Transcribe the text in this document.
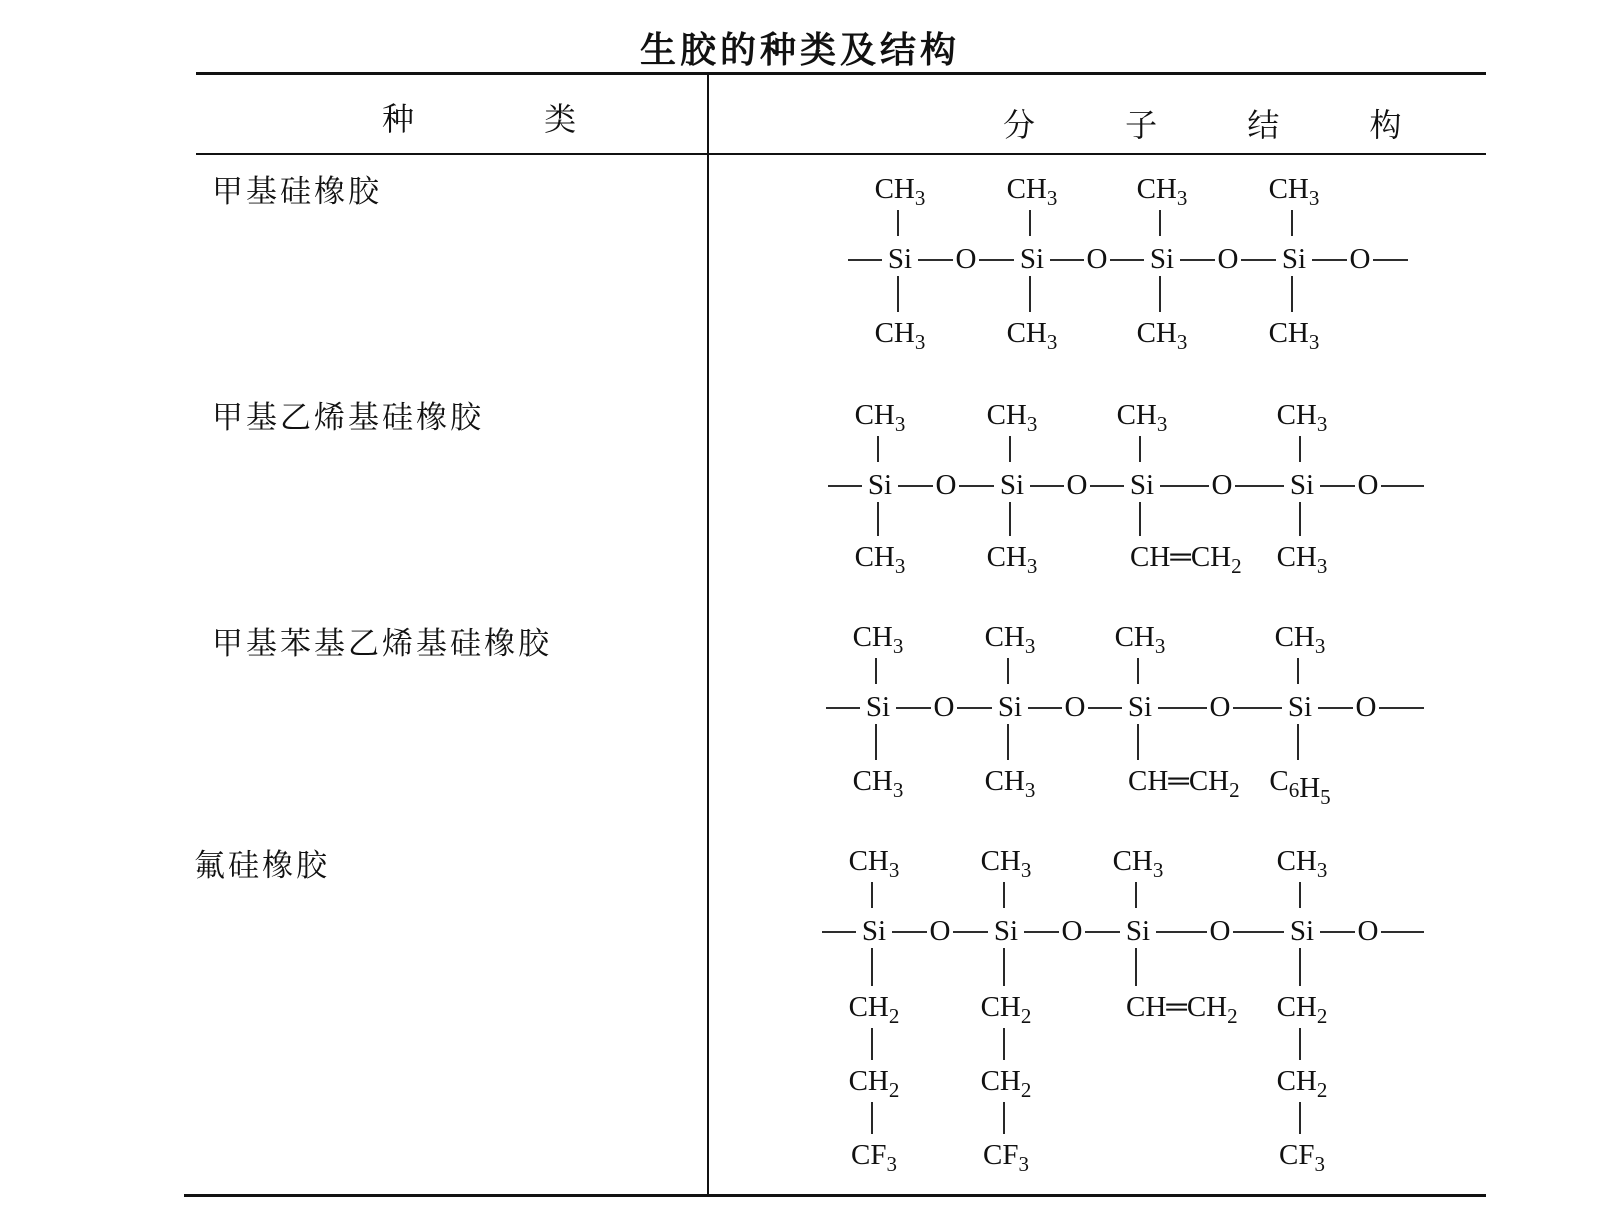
生胶的种类及结构
种 类	分 子 结 构
甲基硅橡胶
甲基乙烯基硅橡胶
甲基苯基乙烯基硅橡胶
氟硅橡胶
Si O Si O Si O Si O
$CH_3$
$CH_3$
$CH_3$
$CH_3$
$CH_3$
$CH_3$
$CH_3$
$CH_3$
Si O Si O Si O Si O
$CH_3$
$CH_3$
$CH_3$
$CH_3$
$CH_3$
$CH═CH_2$
$CH_3$
$CH_3$
Si O Si O Si O Si O
$CH_3$
$CH_3$
$CH_3$
$CH_3$
$CH_3$
$CH═CH_2$
$CH_3$
$C_6H_5$
Si O Si O Si O Si O
$CH_3$
$CH_2$
$CH_2$
$CF_3$
$CH_3$
$CH_2$
$CH_2$
$CF_3$
$CH_3$
$CH═CH_2$
$CH_3$
$CH_2$
$CH_2$
$CF_3$
